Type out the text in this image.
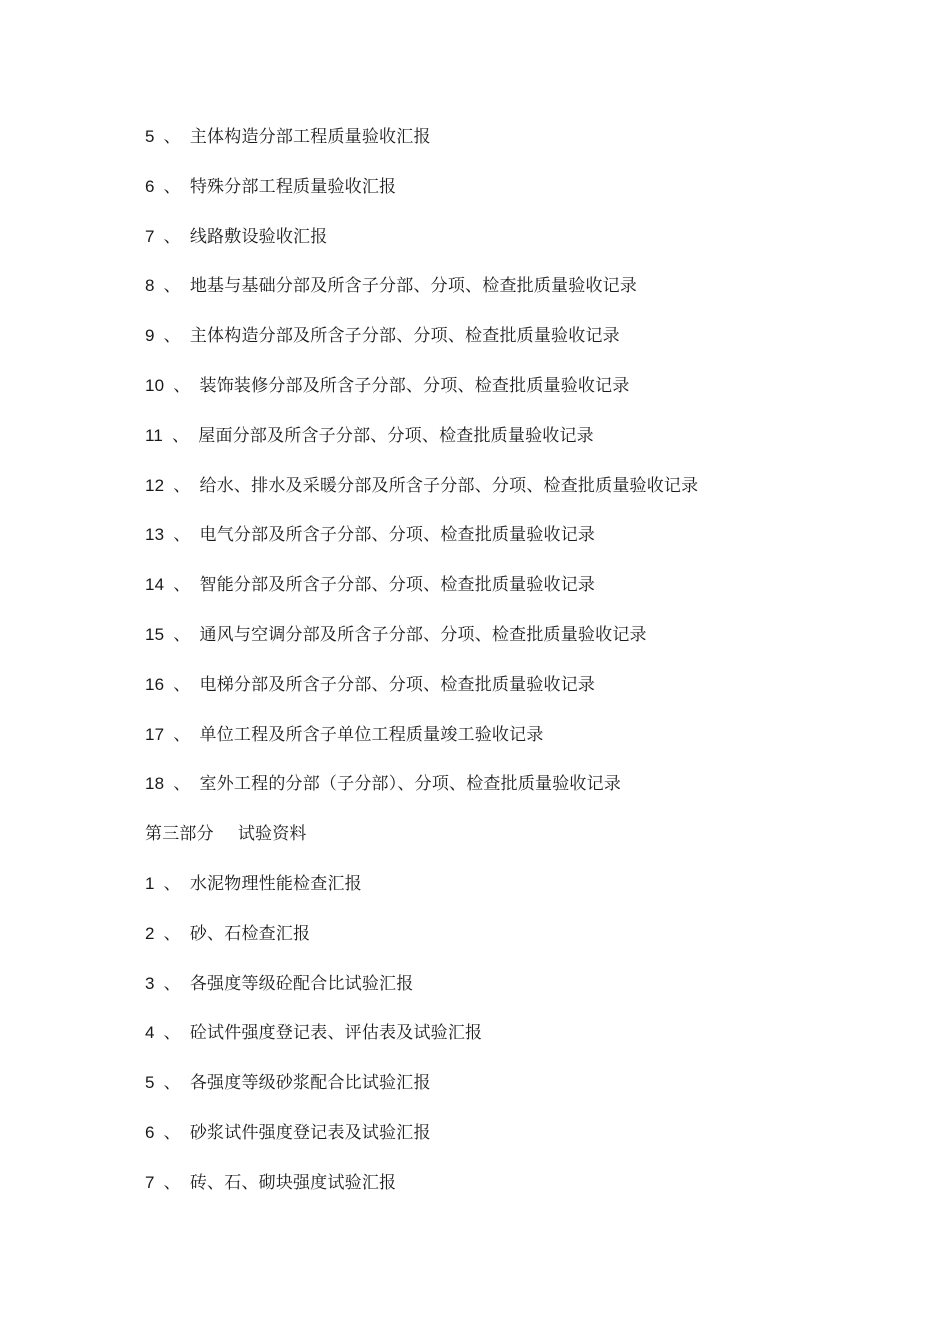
5 、 主体构造分部工程质量验收汇报
6 、 特殊分部工程质量验收汇报
7 、 线路敷设验收汇报
8 、 地基与基础分部及所含子分部、分项、检查批质量验收记录
9 、 主体构造分部及所含子分部、分项、检查批质量验收记录
10 、 装饰装修分部及所含子分部、分项、检查批质量验收记录
11 、 屋面分部及所含子分部、分项、检查批质量验收记录
12 、 给水、排水及采暖分部及所含子分部、分项、检查批质量验收记录
13 、 电气分部及所含子分部、分项、检查批质量验收记录
14 、 智能分部及所含子分部、分项、检查批质量验收记录
15 、 通风与空调分部及所含子分部、分项、检查批质量验收记录
16 、 电梯分部及所含子分部、分项、检查批质量验收记录
17 、 单位工程及所含子单位工程质量竣工验收记录
18 、 室外工程的分部（子分部）、分项、检查批质量验收记录
第三部分 试验资料
1 、 水泥物理性能检查汇报
2 、 砂、石检查汇报
3 、 各强度等级砼配合比试验汇报
4 、 砼试件强度登记表、评估表及试验汇报
5 、 各强度等级砂浆配合比试验汇报
6 、 砂浆试件强度登记表及试验汇报
7 、 砖、石、砌块强度试验汇报
